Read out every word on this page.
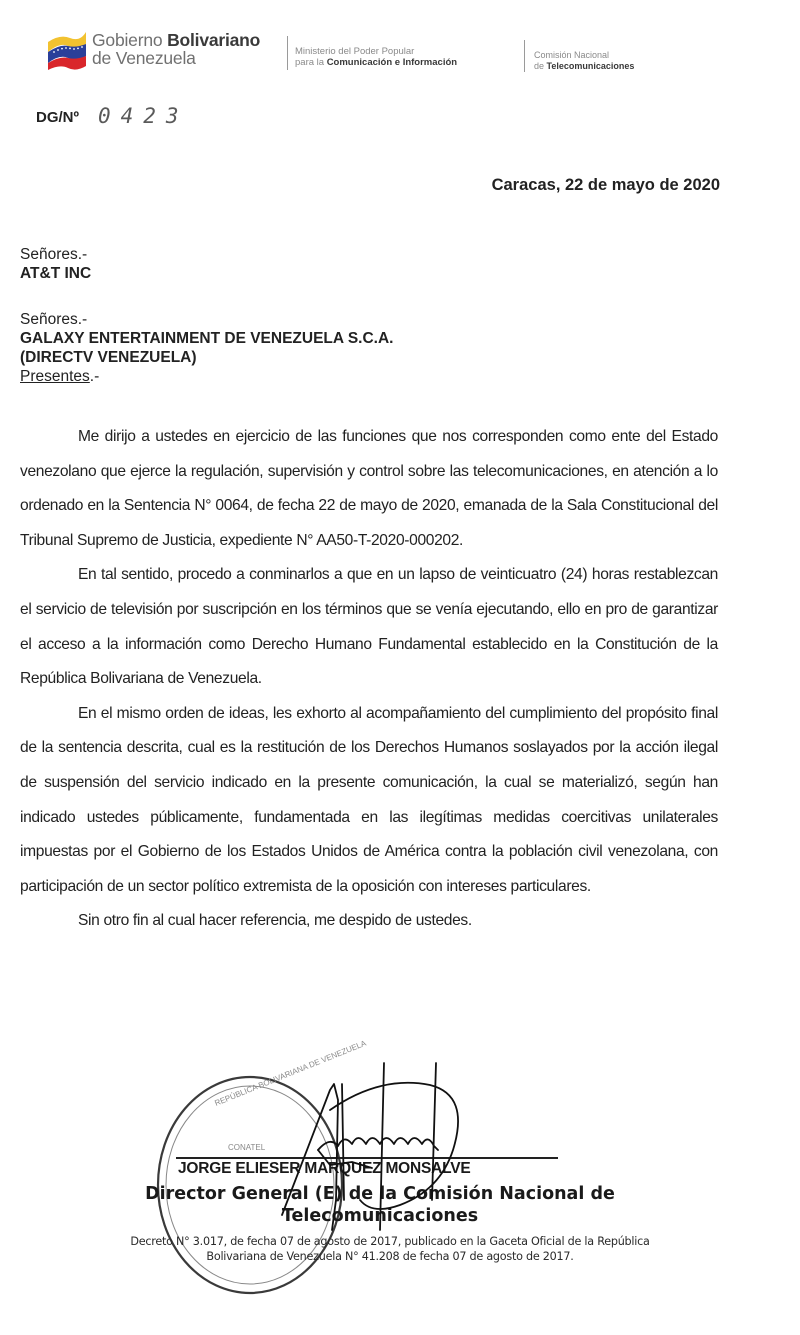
Gobierno Bolivariano
de Venezuela	Ministerio del Poder Popular
para la Comunicación e Información
Comisión Nacional
de Telecomunicaciones
DG/Nº 0423
Caracas, 22 de mayo de 2020
Señores.-
AT&T INC
Señores.-
GALAXY ENTERTAINMENT DE VENEZUELA S.C.A.
(DIRECTV VENEZUELA)
Presentes.-

Me dirijo a ustedes en ejercicio de las funciones que nos corresponden como ente del Estado venezolano que ejerce la regulación, supervisión y control sobre las telecomunicaciones, en atención a lo ordenado en la Sentencia N° 0064, de fecha 22 de mayo de 2020, emanada de la Sala Constitucional del Tribunal Supremo de Justicia, expediente N° AA50-T-2020-000202.

En tal sentido, procedo a conminarlos a que en un lapso de veinticuatro (24) horas restablezcan el servicio de televisión por suscripción en los términos que se venía ejecutando, ello en pro de garantizar el acceso a la información como Derecho Humano Fundamental establecido en la Constitución de la República Bolivariana de Venezuela.

En el mismo orden de ideas, les exhorto al acompañamiento del cumplimiento del propósito final de la sentencia descrita, cual es la restitución de los Derechos Humanos soslayados por la acción ilegal de suspensión del servicio indicado en la presente comunicación, la cual se materializó, según han indicado ustedes públicamente, fundamentada en las ilegítimas medidas coercitivas unilaterales impuestas por el Gobierno de los Estados Unidos de América contra la población civil venezolana, con participación de un sector político extremista de la oposición con intereses particulares.

Sin otro fin al cual hacer referencia, me despido de ustedes.

REPÚBLICA BOLIVARIANA DE VENEZUELA
CONATEL
JORGE ELIESER MARQUEZ MONSALVE
Director General (E) de la Comisión Nacional de
Telecomunicaciones
Decreto N° 3.017, de fecha 07 de agosto de 2017, publicado en la Gaceta Oficial de la República
Bolivariana de Venezuela N° 41.208 de fecha 07 de agosto de 2017.
